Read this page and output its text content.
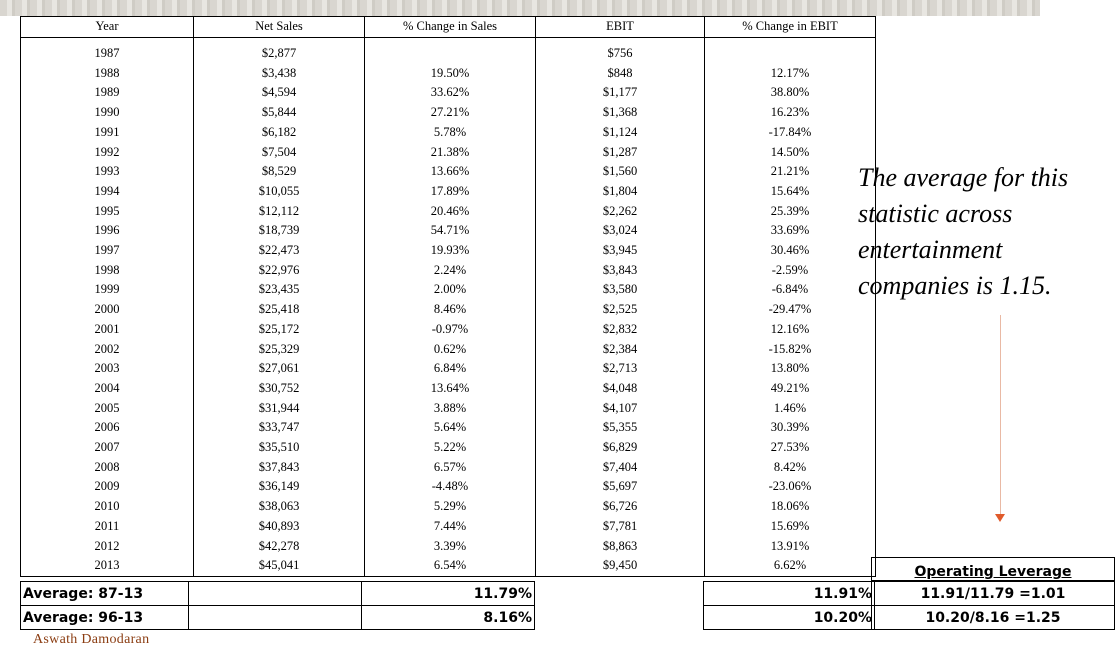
Year	Net Sales	% Change in Sales	EBIT	% Change in EBIT

1987	$2,877		$756	
1988	$3,438	19.50%	$848	12.17%
1989	$4,594	33.62%	$1,177	38.80%
1990	$5,844	27.21%	$1,368	16.23%
1991	$6,182	5.78%	$1,124	-17.84%
1992	$7,504	21.38%	$1,287	14.50%
1993	$8,529	13.66%	$1,560	21.21%
1994	$10,055	17.89%	$1,804	15.64%
1995	$12,112	20.46%	$2,262	25.39%
1996	$18,739	54.71%	$3,024	33.69%
1997	$22,473	19.93%	$3,945	30.46%
1998	$22,976	2.24%	$3,843	-2.59%
1999	$23,435	2.00%	$3,580	-6.84%
2000	$25,418	8.46%	$2,525	-29.47%
2001	$25,172	-0.97%	$2,832	12.16%
2002	$25,329	0.62%	$2,384	-15.82%
2003	$27,061	6.84%	$2,713	13.80%
2004	$30,752	13.64%	$4,048	49.21%
2005	$31,944	3.88%	$4,107	1.46%
2006	$33,747	5.64%	$5,355	30.39%
2007	$35,510	5.22%	$6,829	27.53%
2008	$37,843	6.57%	$7,404	8.42%
2009	$36,149	-4.48%	$5,697	-23.06%
2010	$38,063	5.29%	$6,726	18.06%
2011	$40,893	7.44%	$7,781	15.69%
2012	$42,278	3.39%	$8,863	13.91%
2013	$45,041	6.54%	$9,450	6.62%
The average for this statistic across entertainment companies is 1.15.
Average: 87-13		11.79%		11.91%
Average: 96-13		8.16%		10.20%
Operating Leverage
11.91/11.79 =1.01
10.20/8.16 =1.25
Aswath Damodaran
